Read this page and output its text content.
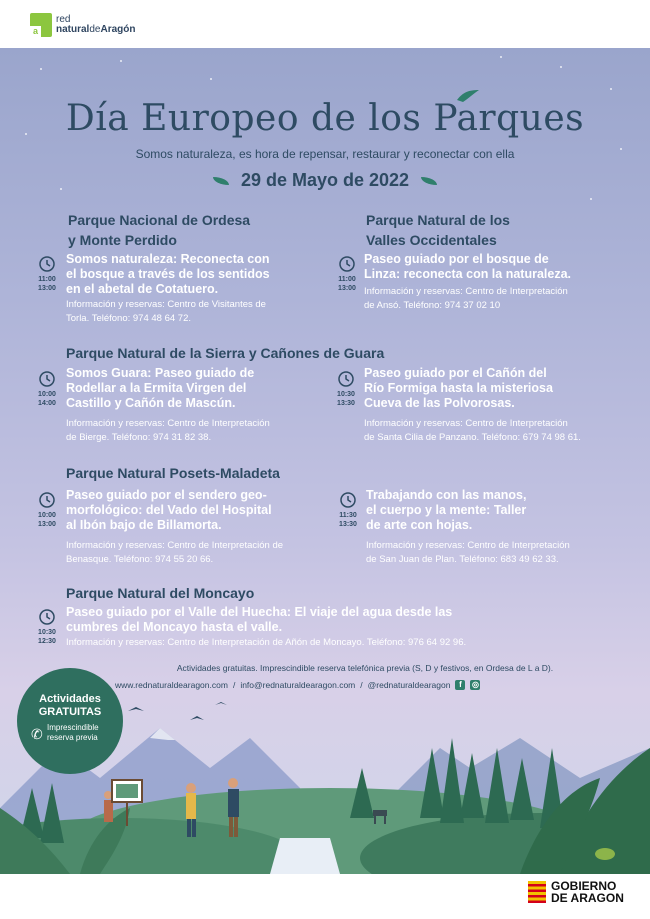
a
red
naturaldeAragón
Día Europeo de los Parques
Somos naturaleza, es hora de repensar, restaurar y reconectar con ella
29 de Mayo de 2022
Parque Nacional de Ordesa
y Monte Perdido
11:00
13:00
Somos naturaleza: Reconecta con
el bosque a través de los sentidos
en el abetal de Cotatuero.
Información y reservas: Centro de Visitantes de
Torla. Teléfono: 974 48 64 72.
Parque Natural de los
Valles Occidentales
11:00
13:00
Paseo guiado por el bosque de
Linza: reconecta con la naturaleza.
Información y reservas: Centro de Interpretación
de Ansó. Teléfono: 974 37 02 10
Parque Natural de la Sierra y Cañones de Guara
10:00
14:00
Somos Guara: Paseo guiado de
Rodellar a la Ermita Virgen del
Castillo y Cañón de Mascún.
Información y reservas: Centro de Interpretación
de Bierge. Teléfono: 974 31 82 38.
10:30
13:30
Paseo guiado por el Cañón del
Río Formiga hasta la misteriosa
Cueva de las Polvorosas.
Información y reservas: Centro de Interpretación
de Santa Cilia de Panzano. Teléfono: 679 74 98 61.
Parque Natural Posets-Maladeta
10:00
13:00
Paseo guiado por el sendero geo-
morfológico: del Vado del Hospital
al Ibón bajo de Billamorta.
Información y reservas: Centro de Interpretación de
Benasque. Teléfono: 974 55 20 66.
11:30
13:30
Trabajando con las manos,
el cuerpo y la mente: Taller
de arte con hojas.
Información y reservas: Centro de Interpretación
de San Juan de Plan. Teléfono: 683 49 62 33.
Parque Natural del Moncayo
10:30
12:30
Paseo guiado por el Valle del Huecha: El viaje del agua desde las
cumbres del Moncayo hasta el valle.
Información y reservas: Centro de Interpretación de Añón de Moncayo. Teléfono: 976 64 92 96.
Actividades gratuitas. Imprescindible reserva telefónica previa (S, D y festivos, en Ordesa de L a D).
www.rednaturaldearagon.com / info@rednaturaldearagon.com / @rednaturaldearagon	f	◎
Actividades
GRATUITAS
✆ Imprescindible
reserva previa
GOBIERNO
DE ARAGON
